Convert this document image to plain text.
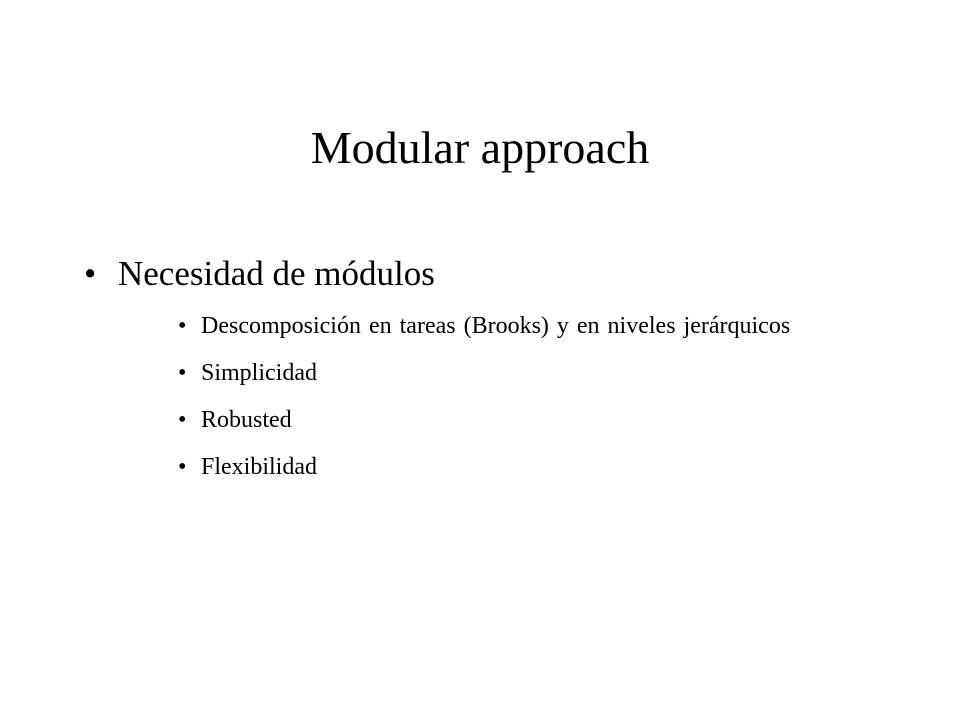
Modular approach
• Necesidad de módulos
• Descomposición en tareas (Brooks) y en niveles jerárquicos
• Simplicidad
• Robusted
• Flexibilidad
